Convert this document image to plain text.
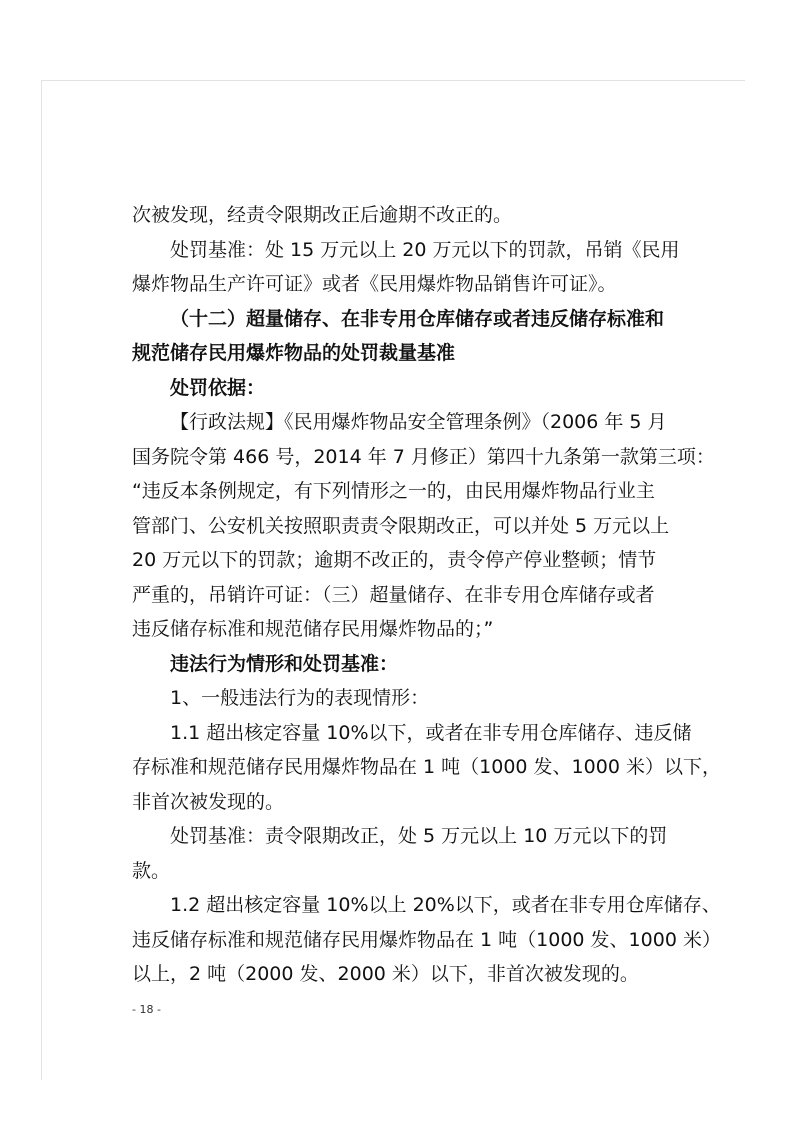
次被发现，经责令限期改正后逾期不改正的。
处罚基准：处 15 万元以上 20 万元以下的罚款，吊销《民用
爆炸物品生产许可证》或者《民用爆炸物品销售许可证》。
（十二）超量储存、在非专用仓库储存或者违反储存标准和
规范储存民用爆炸物品的处罚裁量基准
处罚依据：
【行政法规】《民用爆炸物品安全管理条例》（2006 年 5 月
国务院令第 466 号，2014 年 7 月修正）第四十九条第一款第三项：
“违反本条例规定，有下列情形之一的，由民用爆炸物品行业主
管部门、公安机关按照职责责令限期改正，可以并处 5 万元以上
20 万元以下的罚款；逾期不改正的，责令停产停业整顿；情节
严重的，吊销许可证：（三）超量储存、在非专用仓库储存或者
违反储存标准和规范储存民用爆炸物品的；”
违法行为情形和处罚基准：
1、一般违法行为的表现情形：
1.1 超出核定容量 10%以下，或者在非专用仓库储存、违反储
存标准和规范储存民用爆炸物品在 1 吨（1000 发、1000 米）以下，
非首次被发现的。
处罚基准：责令限期改正，处 5 万元以上 10 万元以下的罚
款。
1.2 超出核定容量 10%以上 20%以下，或者在非专用仓库储存、
违反储存标准和规范储存民用爆炸物品在 1 吨（1000 发、1000 米）
以上，2 吨（2000 发、2000 米）以下，非首次被发现的。
- 18 -
